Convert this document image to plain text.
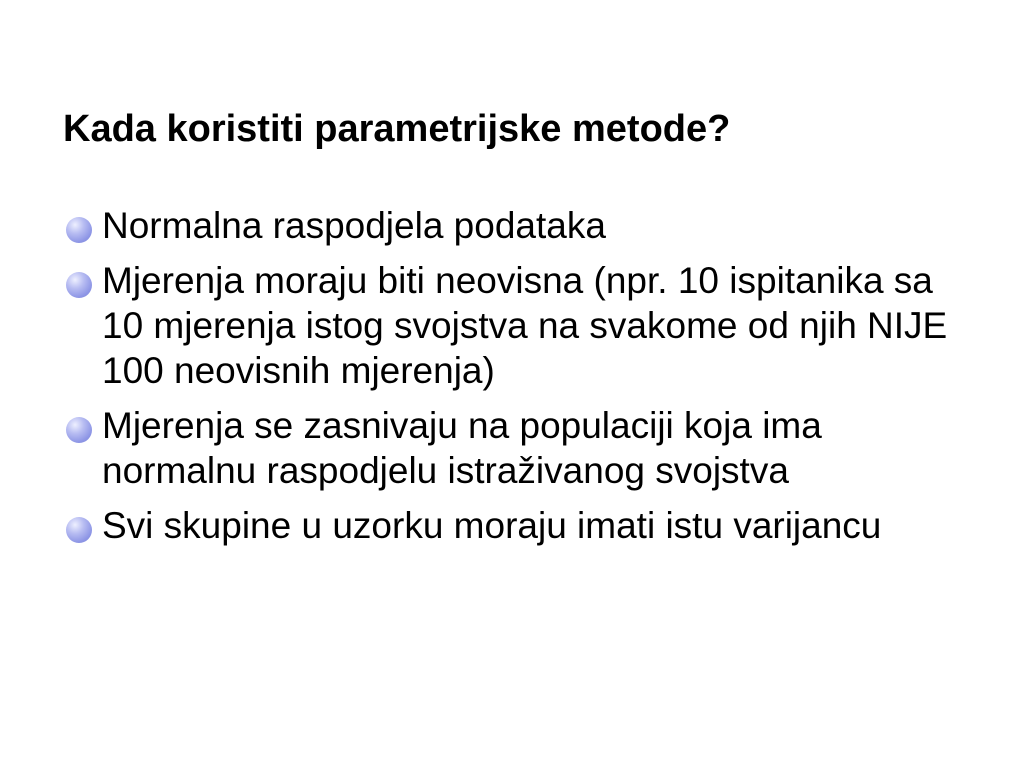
Kada koristiti parametrijske metode?
Normalna raspodjela podataka
Mjerenja moraju biti neovisna (npr. 10 ispitanika sa 10 mjerenja istog svojstva na svakome od njih NIJE 100 neovisnih mjerenja)
Mjerenja se zasnivaju na populaciji koja ima normalnu raspodjelu istraživanog svojstva
Svi skupine u uzorku moraju imati istu varijancu
